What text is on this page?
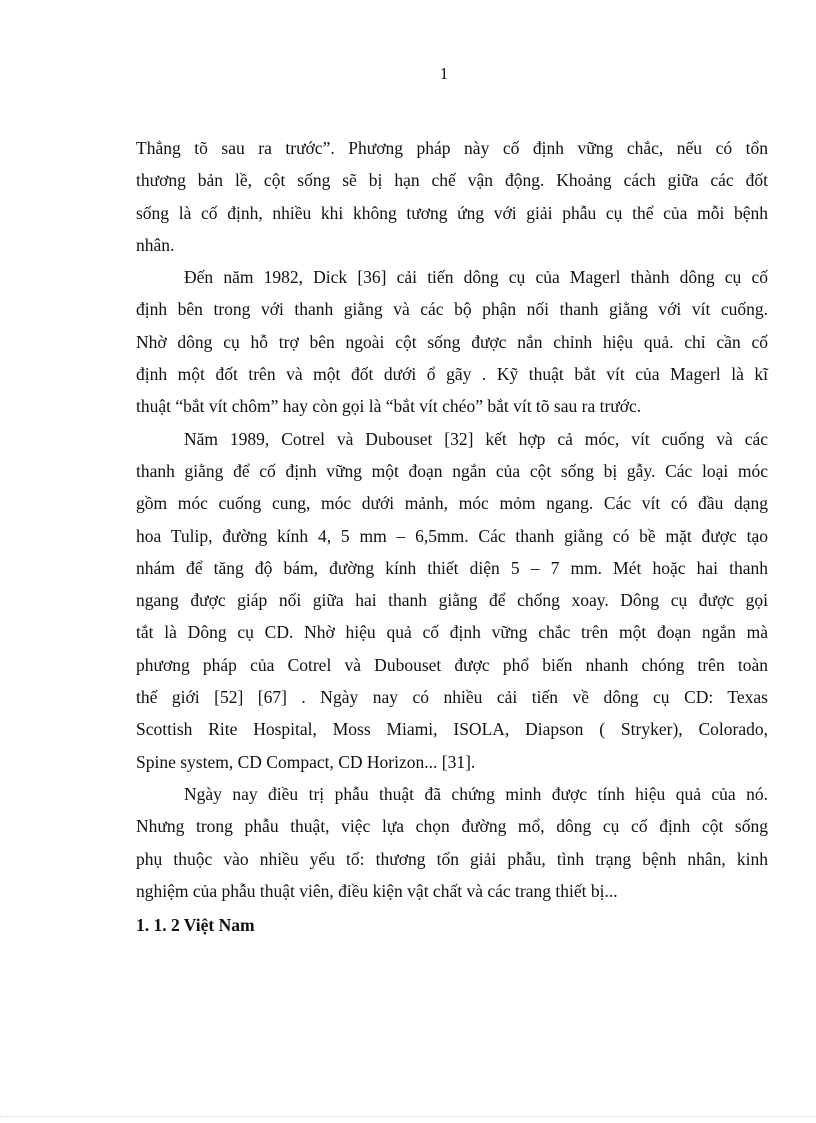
1
Thẳng tõ sau ra trước”. Phương pháp này cố định vững chắc, nếu có tổn
thương bản lề, cột sống sẽ bị hạn chế vận động. Khoảng cách giữa các đốt
sống là cố định, nhiều khi không tương ứng với giải phẫu cụ thể của mỗi bệnh
nhân.
Đến năm 1982, Dick [36] cải tiến dông cụ của Magerl thành dông cụ cố
định bên trong với thanh giằng và các bộ phận nối thanh giằng với vít cuống.
Nhờ dông cụ hỗ trợ bên ngoài cột sống được nắn chỉnh hiệu quả. chỉ cần cố
định một đốt trên và một đốt dưới ổ gãy . Kỹ thuật bắt vít của Magerl là kĩ
thuật “bắt vít chôm” hay còn gọi là “bắt vít chéo” bắt vít tõ sau ra trước.
Năm 1989, Cotrel và Dubouset [32] kết hợp cả móc, vít cuống và các
thanh giằng để cố định vững một đoạn ngắn của cột sống bị gẫy. Các loại móc
gồm móc cuống cung, móc dưới mảnh, móc mỏm ngang. Các vít có đầu dạng
hoa Tulip, đường kính 4, 5 mm – 6,5mm. Các thanh giằng có bề mặt được tạo
nhám để tăng độ bám, đường kính thiết diện 5 – 7 mm. Mét hoặc hai thanh
ngang được giáp nối giữa hai thanh giằng để chống xoay. Dông cụ được gọi
tắt là Dông cụ CD. Nhờ hiệu quả cố định vững chắc trên một đoạn ngắn mà
phương pháp của Cotrel và Dubouset được phổ biến nhanh chóng trên toàn
thế giới [52] [67] . Ngày nay có nhiều cải tiến về dông cụ CD: Texas
Scottish Rite Hospital, Moss Miami, ISOLA, Diapson ( Stryker), Colorado,
Spine system, CD Compact, CD Horizon... [31].
Ngày nay điều trị phẫu thuật đã chứng minh được tính hiệu quả của nó.
Nhưng trong phẫu thuật, việc lựa chọn đường mổ, dông cụ cố định cột sống
phụ thuộc vào nhiều yếu tố: thương tổn giải phẫu, tình trạng bệnh nhân, kinh
nghiệm của phẫu thuật viên, điều kiện vật chất và các trang thiết bị...
1. 1. 2 Việt Nam
